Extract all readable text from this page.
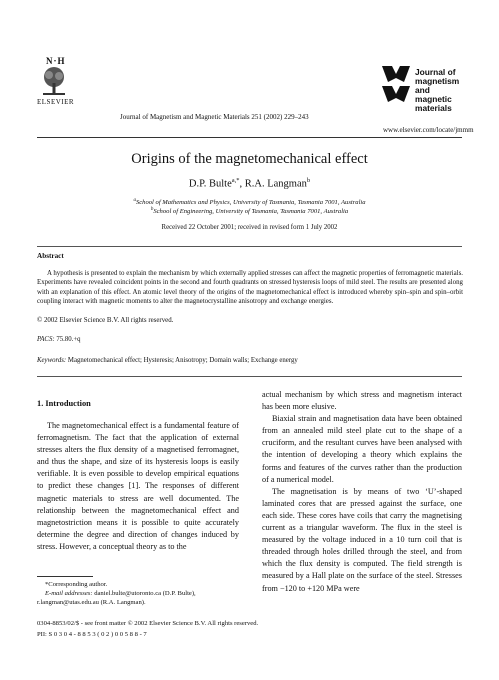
N·H
ELSEVIER
Journal of Magnetism and Magnetic Materials 251 (2002) 229–243
Journal of
magnetism
and
magnetic
materials
www.elsevier.com/locate/jmmm
Origins of the magnetomechanical effect
D.P. Bulte$^{a,*}$, R.A. Langman$^b$
$^a$School of Mathematics and Physics, University of Tasmania, Tasmania 7001, Australia
$^b$School of Engineering, University of Tasmania, Tasmania 7001, Australia
Received 22 October 2001; received in revised form 1 July 2002
Abstract
A hypothesis is presented to explain the mechanism by which externally applied stresses can affect the magnetic properties of ferromagnetic materials. Experiments have revealed coincident points in the second and fourth quadrants on stressed hysteresis loops of mild steel. The results are presented along with an explanation of this effect. An atomic level theory of the origins of the magnetomechanical effect is introduced whereby spin–spin and spin–orbit coupling interact with magnetic moments to alter the magnetocrystalline anisotropy and exchange energies.
© 2002 Elsevier Science B.V. All rights reserved.
PACS: 75.80.+q
Keywords: Magnetomechanical effect; Hysteresis; Anisotropy; Domain walls; Exchange energy
1. Introduction

The magnetomechanical effect is a fundamental feature of ferromagnetism. The fact that the application of external stresses alters the flux density of a magnetised ferromagnet, and thus the shape, and size of its hysteresis loops is easily verifiable. It is even possible to develop empirical equations to predict these changes [1]. The responses of different magnetic materials to stress are well documented. The relationship between the magnetomechanical effect and magnetostriction means it is possible to quite accurately determine the degree and direction of changes induced by stress. However, a conceptual theory as to the

actual mechanism by which stress and magnetism interact has been more elusive.

Biaxial strain and magnetisation data have been obtained from an annealed mild steel plate cut to the shape of a cruciform, and the resultant curves have been analysed with the intention of developing a theory which explains the forms and features of the curves rather than the production of a numerical model.

The magnetisation is by means of two ‘U’-shaped laminated cores that are pressed against the surface, one each side. These cores have coils that carry the magnetising current as a triangular waveform. The flux in the steel is measured by the voltage induced in a 10 turn coil that is threaded through holes drilled through the steel, and from which the flux density is computed. The field strength is measured by a Hall plate on the surface of the steel. Stresses from −120 to +120 MPa were

*Corresponding author.
E-mail addresses: daniel.bulte@utoronto.ca (D.P. Bulte), r.langman@utas.edu.au (R.A. Langman).
0304-8853/02/$ - see front matter © 2002 Elsevier Science B.V. All rights reserved.
PII: S 0 3 0 4 - 8 8 5 3 ( 0 2 ) 0 0 5 8 8 - 7
